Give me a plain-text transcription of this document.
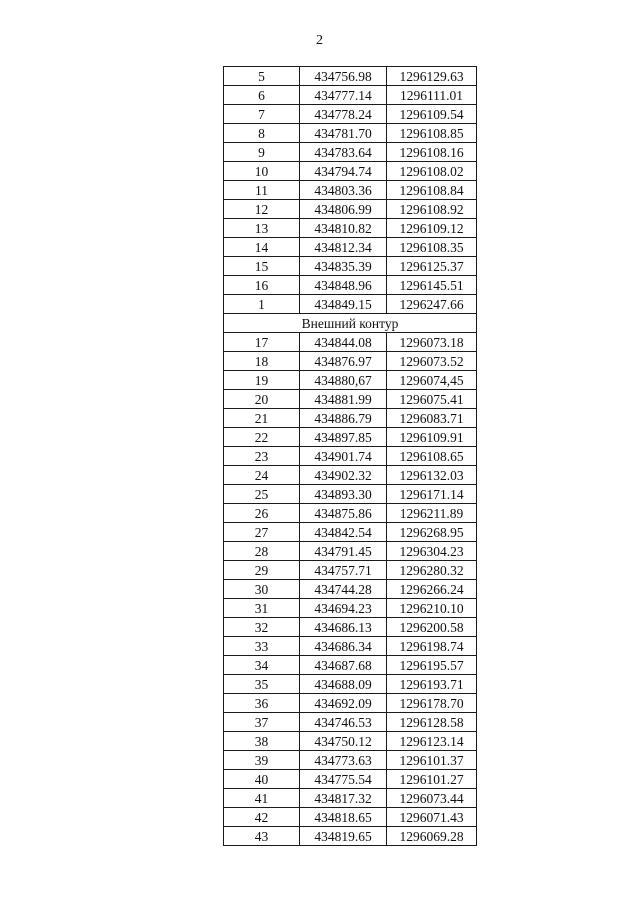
2
5	434756.98	1296129.63
6	434777.14	1296111.01
7	434778.24	1296109.54
8	434781.70	1296108.85
9	434783.64	1296108.16
10	434794.74	1296108.02
11	434803.36	1296108.84
12	434806.99	1296108.92
13	434810.82	1296109.12
14	434812.34	1296108.35
15	434835.39	1296125.37
16	434848.96	1296145.51
1	434849.15	1296247.66
Внешний контур		
17	434844.08	1296073.18
18	434876.97	1296073.52
19	434880,67	1296074,45
20	434881.99	1296075.41
21	434886.79	1296083.71
22	434897.85	1296109.91
23	434901.74	1296108.65
24	434902.32	1296132.03
25	434893.30	1296171.14
26	434875.86	1296211.89
27	434842.54	1296268.95
28	434791.45	1296304.23
29	434757.71	1296280.32
30	434744.28	1296266.24
31	434694.23	1296210.10
32	434686.13	1296200.58
33	434686.34	1296198.74
34	434687.68	1296195.57
35	434688.09	1296193.71
36	434692.09	1296178.70
37	434746.53	1296128.58
38	434750.12	1296123.14
39	434773.63	1296101.37
40	434775.54	1296101.27
41	434817.32	1296073.44
42	434818.65	1296071.43
43	434819.65	1296069.28
